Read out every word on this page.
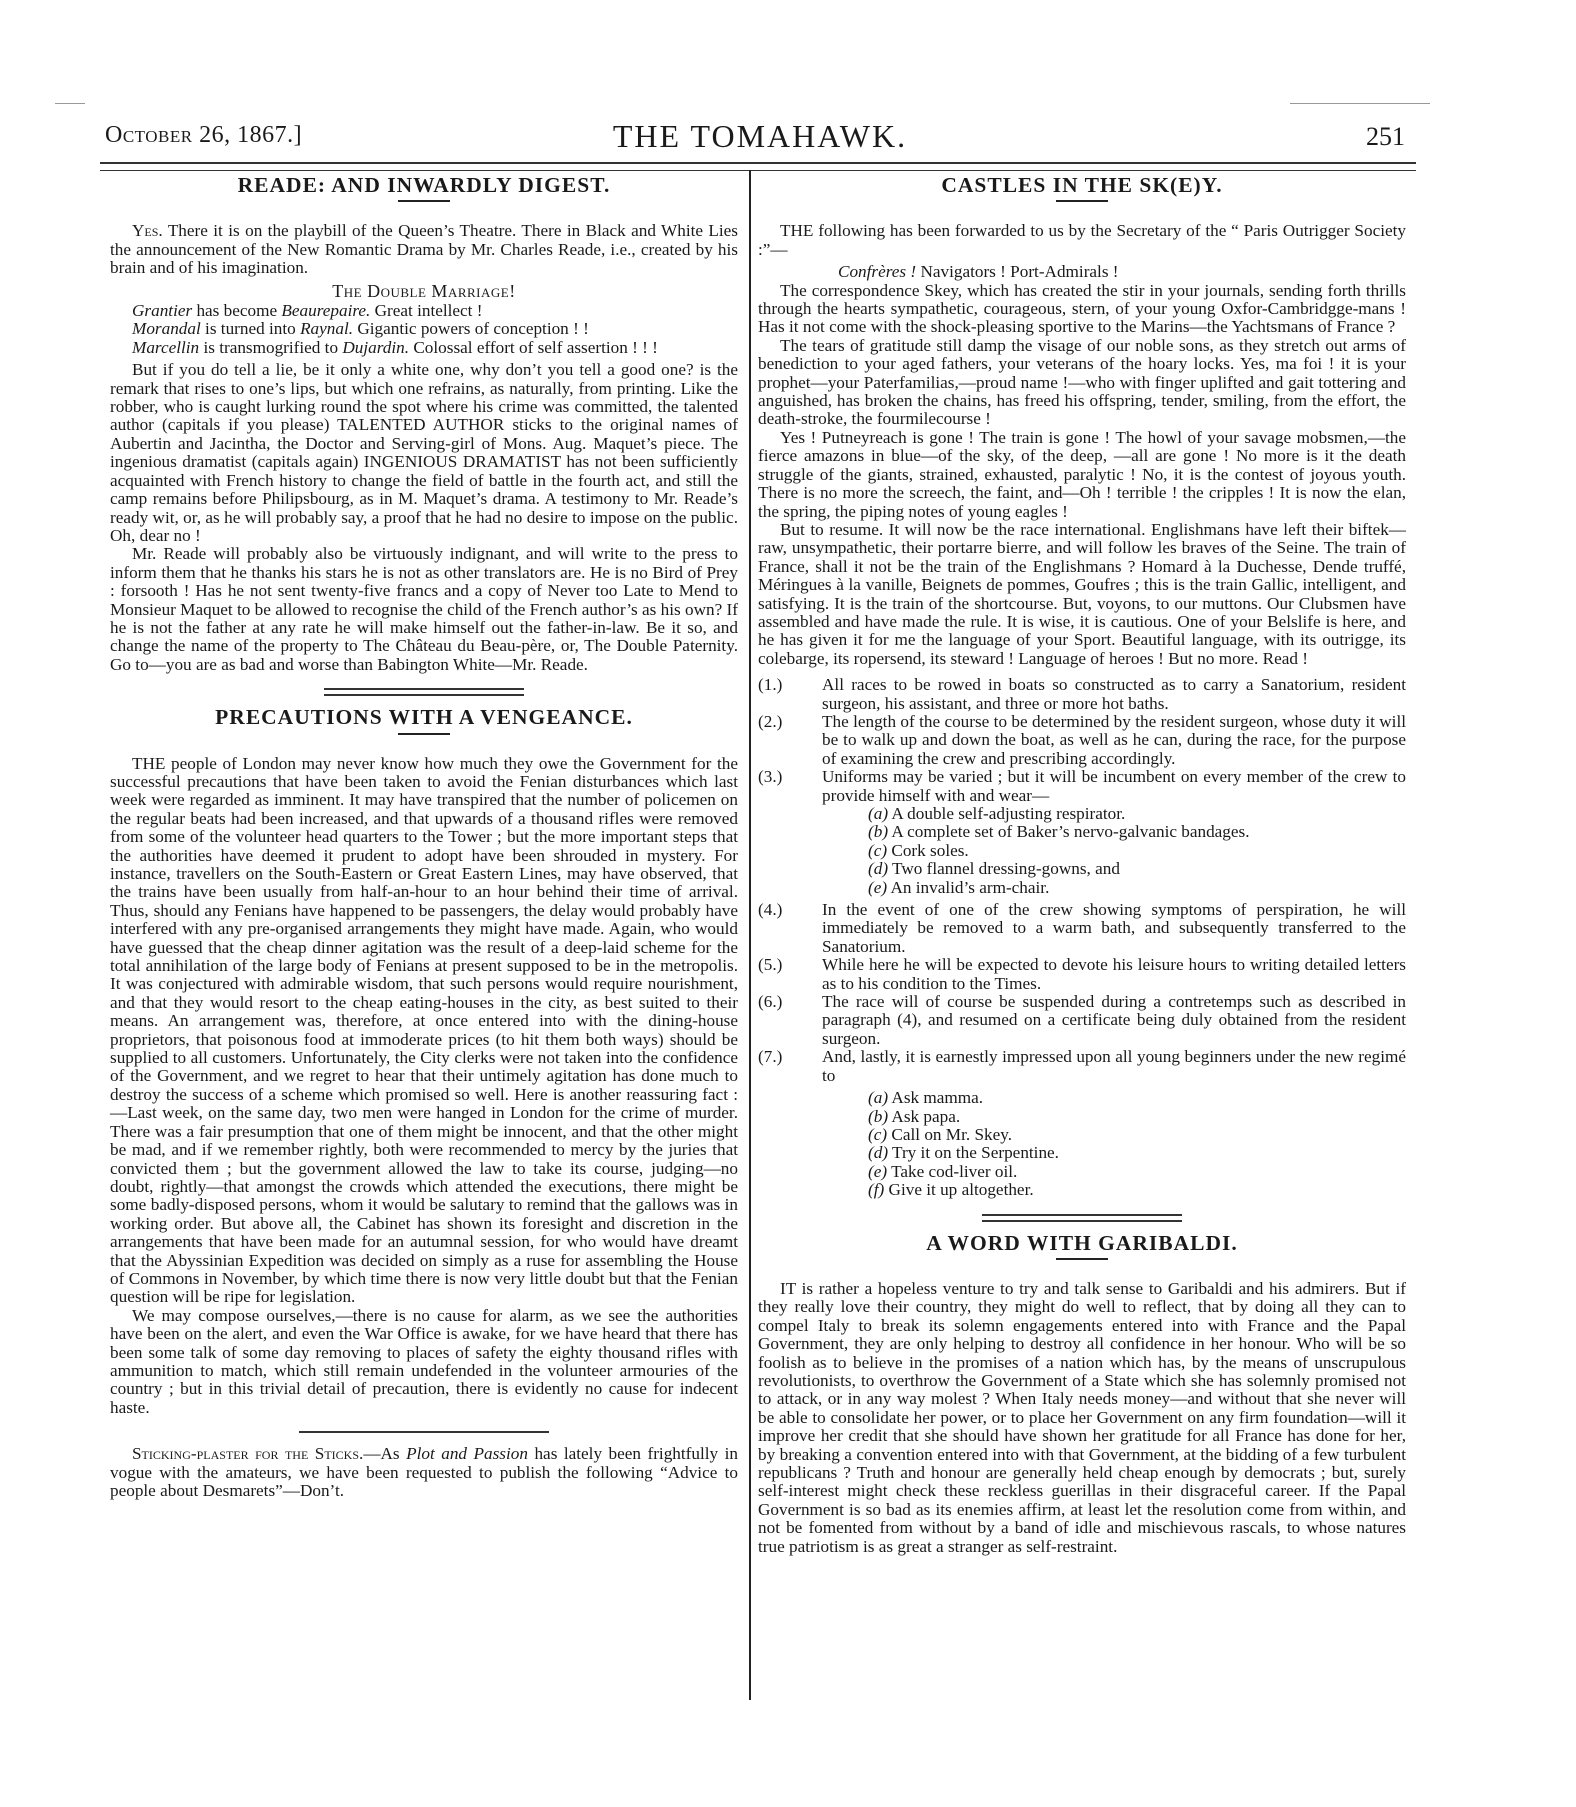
October 26, 1867.]	THE TOMAHAWK.	251
READE: AND INWARDLY DIGEST.

Yes. There it is on the playbill of the Queen’s Theatre. There in Black and White Lies the announcement of the New Romantic Drama by Mr. Charles Reade, i.e., created by his brain and of his imagination.

The Double Marriage!

Grantier has become Beaurepaire. Great intellect !

Morandal is turned into Raynal. Gigantic powers of conception ! !

Marcellin is transmogrified to Dujardin. Colossal effort of self assertion ! ! !

But if you do tell a lie, be it only a white one, why don’t you tell a good one? is the remark that rises to one’s lips, but which one refrains, as naturally, from printing. Like the robber, who is caught lurking round the spot where his crime was committed, the talented author (capitals if you please) TALENTED AUTHOR sticks to the original names of Aubertin and Jacintha, the Doctor and Serving-girl of Mons. Aug. Maquet’s piece. The ingenious dramatist (capitals again) INGENIOUS DRAMATIST has not been sufficiently acquainted with French history to change the field of battle in the fourth act, and still the camp remains before Philipsbourg, as in M. Maquet’s drama. A testimony to Mr. Reade’s ready wit, or, as he will probably say, a proof that he had no desire to impose on the public. Oh, dear no !

Mr. Reade will probably also be virtuously indignant, and will write to the press to inform them that he thanks his stars he is not as other translators are. He is no Bird of Prey : forsooth ! Has he not sent twenty-five francs and a copy of Never too Late to Mend to Monsieur Maquet to be allowed to recognise the child of the French author’s as his own? If he is not the father at any rate he will make himself out the father-in-law. Be it so, and change the name of the property to The Château du Beau-père, or, The Double Paternity. Go to—you are as bad and worse than Babington White—Mr. Reade.

PRECAUTIONS WITH A VENGEANCE.

THE people of London may never know how much they owe the Government for the successful precautions that have been taken to avoid the Fenian disturbances which last week were regarded as imminent. It may have transpired that the number of policemen on the regular beats had been increased, and that upwards of a thousand rifles were removed from some of the volunteer head quarters to the Tower ; but the more important steps that the authorities have deemed it prudent to adopt have been shrouded in mystery. For instance, travellers on the South-Eastern or Great Eastern Lines, may have observed, that the trains have been usually from half-an-hour to an hour behind their time of arrival. Thus, should any Fenians have happened to be passengers, the delay would probably have interfered with any pre-organised arrangements they might have made. Again, who would have guessed that the cheap dinner agitation was the result of a deep-laid scheme for the total annihilation of the large body of Fenians at present supposed to be in the metropolis. It was conjectured with admirable wisdom, that such persons would require nourishment, and that they would resort to the cheap eating-houses in the city, as best suited to their means. An arrangement was, therefore, at once entered into with the dining-house proprietors, that poisonous food at immoderate prices (to hit them both ways) should be supplied to all customers. Unfortunately, the City clerks were not taken into the confidence of the Government, and we regret to hear that their untimely agitation has done much to destroy the success of a scheme which promised so well. Here is another reassuring fact :—Last week, on the same day, two men were hanged in London for the crime of murder. There was a fair presumption that one of them might be innocent, and that the other might be mad, and if we remember rightly, both were recommended to mercy by the juries that convicted them ; but the government allowed the law to take its course, judging—no doubt, rightly—that amongst the crowds which attended the executions, there might be some badly-disposed persons, whom it would be salutary to remind that the gallows was in working order. But above all, the Cabinet has shown its foresight and discretion in the arrangements that have been made for an autumnal session, for who would have dreamt that the Abyssinian Expedition was decided on simply as a ruse for assembling the House of Commons in November, by which time there is now very little doubt but that the Fenian question will be ripe for legislation.

We may compose ourselves,—there is no cause for alarm, as we see the authorities have been on the alert, and even the War Office is awake, for we have heard that there has been some talk of some day removing to places of safety the eighty thousand rifles with ammunition to match, which still remain undefended in the volunteer armouries of the country ; but in this trivial detail of precaution, there is evidently no cause for indecent haste.

Sticking-plaster for the Sticks.—As Plot and Passion has lately been frightfully in vogue with the amateurs, we have been requested to publish the following “Advice to people about Desmarets”—Don’t.

CASTLES IN THE SK(E)Y.

THE following has been forwarded to us by the Secretary of the “ Paris Outrigger Society :”—

Confrères ! Navigators ! Port-Admirals !

The correspondence Skey, which has created the stir in your journals, sending forth thrills through the hearts sympathetic, courageous, stern, of your young Oxfor-Cambridgge-mans ! Has it not come with the shock-pleasing sportive to the Marins—the Yachtsmans of France ?

The tears of gratitude still damp the visage of our noble sons, as they stretch out arms of benediction to your aged fathers, your veterans of the hoary locks. Yes, ma foi ! it is your prophet—your Paterfamilias,—proud name !—who with finger uplifted and gait tottering and anguished, has broken the chains, has freed his offspring, tender, smiling, from the effort, the death-stroke, the fourmilecourse !

Yes ! Putneyreach is gone ! The train is gone ! The howl of your savage mobsmen,—the fierce amazons in blue—of the sky, of the deep, —all are gone ! No more is it the death struggle of the giants, strained, exhausted, paralytic ! No, it is the contest of joyous youth. There is no more the screech, the faint, and—Oh ! terrible ! the cripples ! It is now the elan, the spring, the piping notes of young eagles !

But to resume. It will now be the race international. Englishmans have left their biftek—raw, unsympathetic, their portarre bierre, and will follow les braves of the Seine. The train of France, shall it not be the train of the Englishmans ? Homard à la Duchesse, Dende truffé, Méringues à la vanille, Beignets de pommes, Goufres ; this is the train Gallic, intelligent, and satisfying. It is the train of the shortcourse. But, voyons, to our muttons. Our Clubsmen have assembled and have made the rule. It is wise, it is cautious. One of your Belslife is here, and he has given it for me the language of your Sport. Beautiful language, with its outrigge, its colebarge, its ropersend, its steward ! Language of heroes ! But no more. Read !

(1.) All races to be rowed in boats so constructed as to carry a Sanatorium, resident surgeon, his assistant, and three or more hot baths.
(2.) The length of the course to be determined by the resident surgeon, whose duty it will be to walk up and down the boat, as well as he can, during the race, for the purpose of examining the crew and prescribing accordingly.
(3.) Uniforms may be varied ; but it will be incumbent on every member of the crew to provide himself with and wear—
(a) A double self-adjusting respirator.
(b) A complete set of Baker’s nervo-galvanic bandages.
(c) Cork soles.
(d) Two flannel dressing-gowns, and
(e) An invalid’s arm-chair.
(4.) In the event of one of the crew showing symptoms of perspiration, he will immediately be removed to a warm bath, and subsequently transferred to the Sanatorium.
(5.) While here he will be expected to devote his leisure hours to writing detailed letters as to his condition to the Times.
(6.) The race will of course be suspended during a contretemps such as described in paragraph (4), and resumed on a certificate being duly obtained from the resident surgeon.
(7.) And, lastly, it is earnestly impressed upon all young beginners under the new regimé to
(a) Ask mamma.
(b) Ask papa.
(c) Call on Mr. Skey.
(d) Try it on the Serpentine.
(e) Take cod-liver oil.
(f) Give it up altogether.
A WORD WITH GARIBALDI.

IT is rather a hopeless venture to try and talk sense to Garibaldi and his admirers. But if they really love their country, they might do well to reflect, that by doing all they can to compel Italy to break its solemn engagements entered into with France and the Papal Government, they are only helping to destroy all confidence in her honour. Who will be so foolish as to believe in the promises of a nation which has, by the means of unscrupulous revolutionists, to overthrow the Government of a State which she has solemnly promised not to attack, or in any way molest ? When Italy needs money—and without that she never will be able to consolidate her power, or to place her Government on any firm foundation—will it improve her credit that she should have shown her gratitude for all France has done for her, by breaking a convention entered into with that Government, at the bidding of a few turbulent republicans ? Truth and honour are generally held cheap enough by democrats ; but, surely self-interest might check these reckless guerillas in their disgraceful career. If the Papal Government is so bad as its enemies affirm, at least let the resolution come from within, and not be fomented from without by a band of idle and mischievous rascals, to whose natures true patriotism is as great a stranger as self-restraint.
